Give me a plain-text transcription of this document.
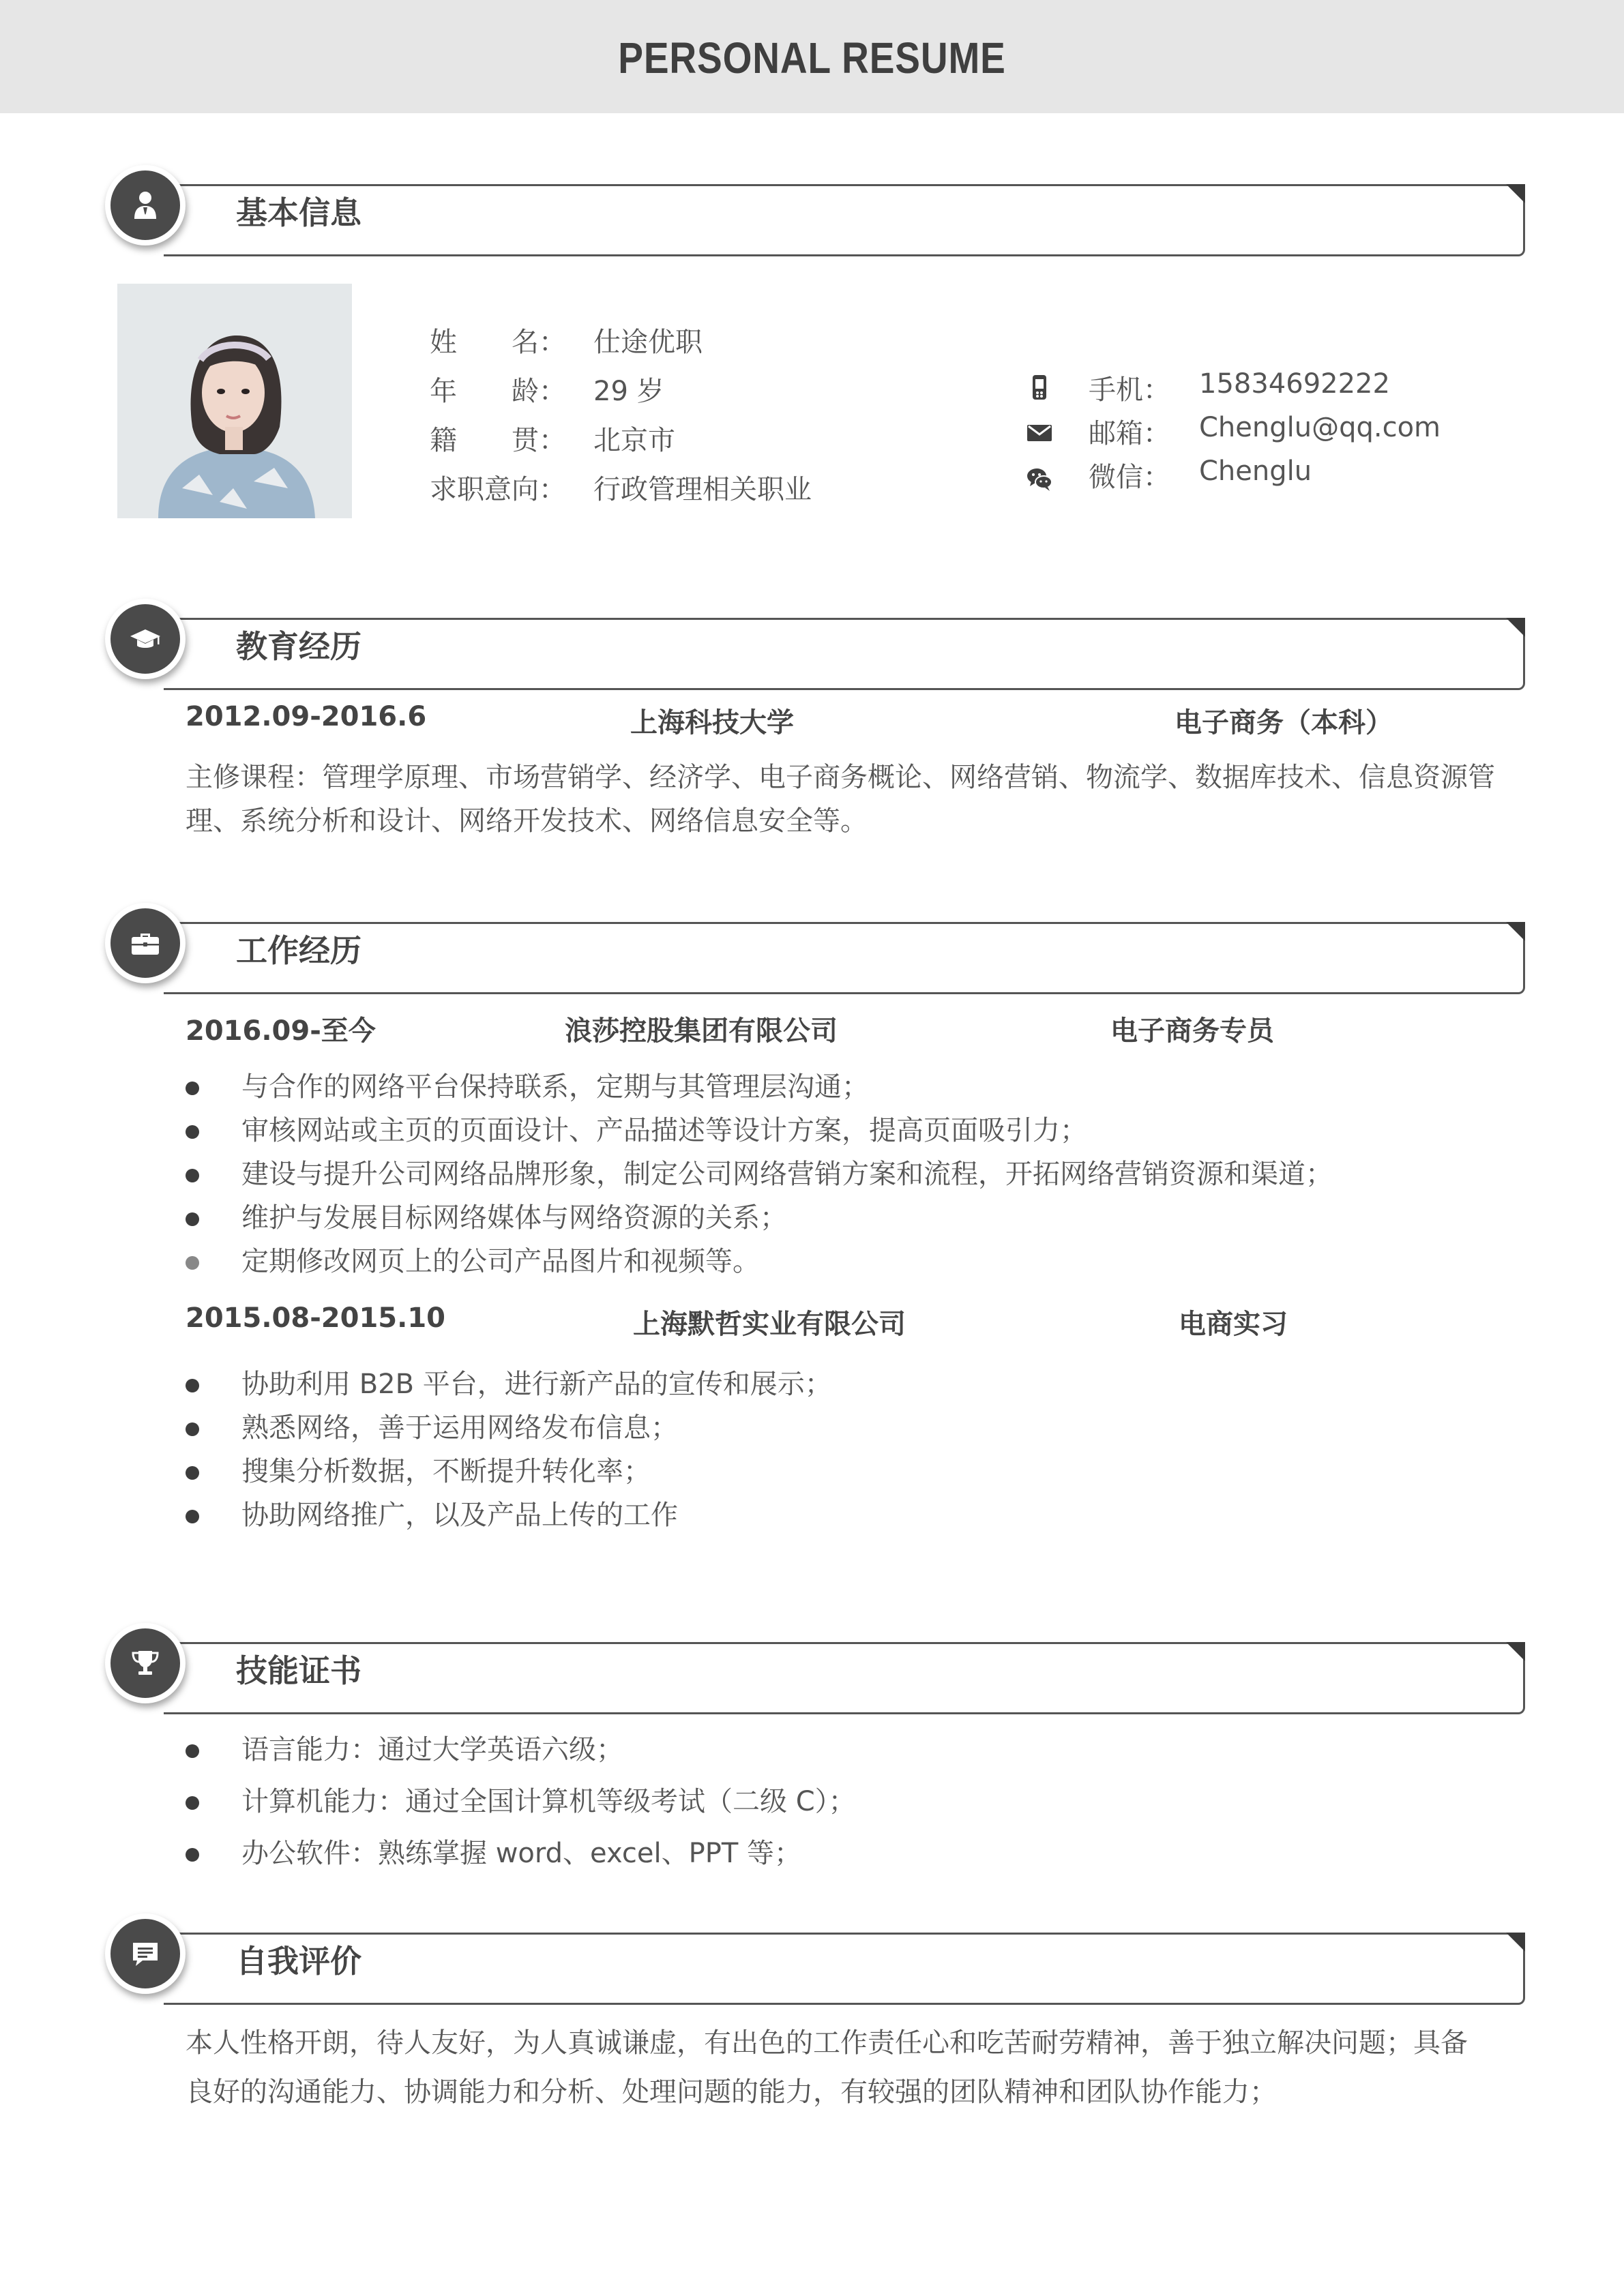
PERSONAL RESUME
基本信息
姓　　名： 仕途优职
年　　龄： 29 岁
籍　　贯： 北京市
求职意向： 行政管理相关职业
手机： 15834692222
邮箱： Chenglu@qq.com
微信： Chenglu
教育经历
2012.09-2016.6	上海科技大学	电子商务（本科）
主修课程：管理学原理、市场营销学、经济学、电子商务概论、网络营销、物流学、数据库技术、信息资源管
理、系统分析和设计、网络开发技术、网络信息安全等。
工作经历
2016.09-至今	浪莎控股集团有限公司	电子商务专员
与合作的网络平台保持联系，定期与其管理层沟通；
审核网站或主页的页面设计、产品描述等设计方案，提高页面吸引力；
建设与提升公司网络品牌形象，制定公司网络营销方案和流程，开拓网络营销资源和渠道；
维护与发展目标网络媒体与网络资源的关系；
定期修改网页上的公司产品图片和视频等。
2015.08-2015.10	上海默哲实业有限公司	电商实习
协助利用 B2B 平台，进行新产品的宣传和展示；
熟悉网络，善于运用网络发布信息；
搜集分析数据，不断提升转化率；
协助网络推广，以及产品上传的工作
技能证书
语言能力：通过大学英语六级；
计算机能力：通过全国计算机等级考试（二级 C）；
办公软件：熟练掌握 word、excel、PPT 等；
自我评价
本人性格开朗，待人友好，为人真诚谦虚，有出色的工作责任心和吃苦耐劳精神，善于独立解决问题；具备
良好的沟通能力、协调能力和分析、处理问题的能力，有较强的团队精神和团队协作能力；
